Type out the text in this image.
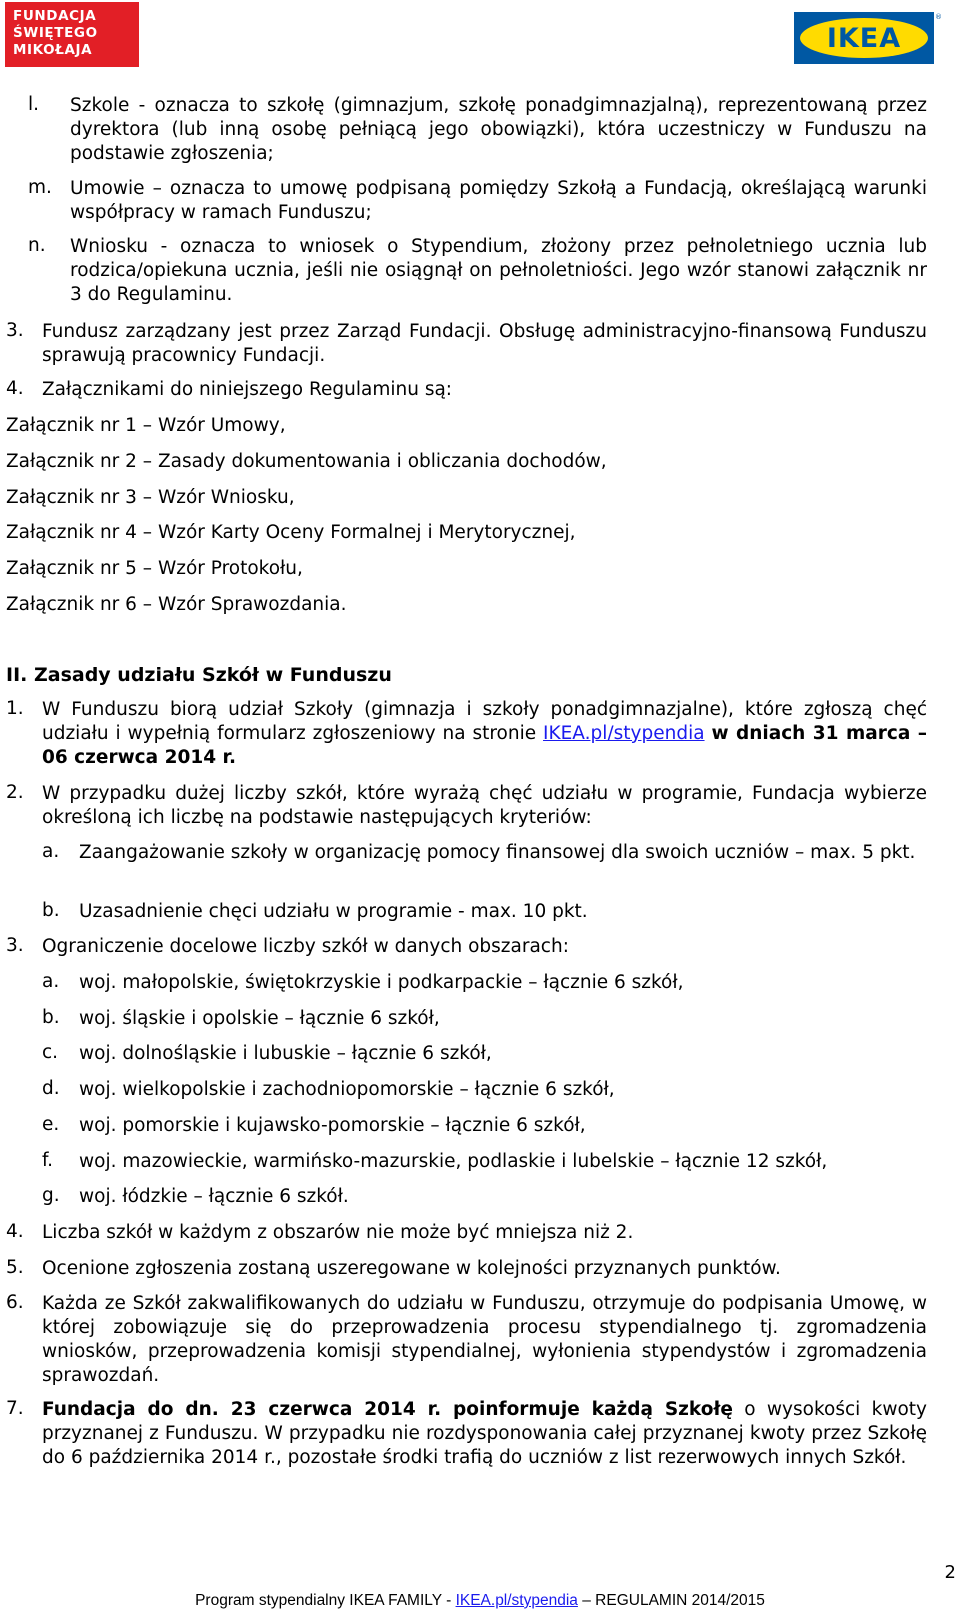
FUNDACJA
ŚWIĘTEGO
MIKOŁAJA	IKEA
®
l. Szkole - oznacza to szkołę (gimnazjum, szkołę ponadgimnazjalną), reprezentowaną przez dyrektora (lub inną osobę pełniącą jego obowiązki), która uczestniczy w Funduszu na podstawie zgłoszenia;
m. Umowie – oznacza to umowę podpisaną pomiędzy Szkołą a Fundacją, określającą warunki współpracy w ramach Funduszu;
n. Wniosku - oznacza to wniosek o Stypendium, złożony przez pełnoletniego ucznia lub rodzica/opiekuna ucznia, jeśli nie osiągnął on pełnoletniości. Jego wzór stanowi załącznik nr 3 do Regulaminu.
3. Fundusz zarządzany jest przez Zarząd Fundacji. Obsługę administracyjno-finansową Funduszu sprawują pracownicy Fundacji.
4. Załącznikami do niniejszego Regulaminu są:
Załącznik nr 1 – Wzór Umowy,
Załącznik nr 2 – Zasady dokumentowania i obliczania dochodów,
Załącznik nr 3 – Wzór Wniosku,
Załącznik nr 4 – Wzór Karty Oceny Formalnej i Merytorycznej,
Załącznik nr 5 – Wzór Protokołu,
Załącznik nr 6 – Wzór Sprawozdania.
II. Zasady udziału Szkół w Funduszu
1. W Funduszu biorą udział Szkoły (gimnazja i szkoły ponadgimnazjalne), które zgłoszą chęć udziału i wypełnią formularz zgłoszeniowy na stronie IKEA.pl/stypendia w dniach 31 marca – 06 czerwca 2014 r.
2. W przypadku dużej liczby szkół, które wyrażą chęć udziału w programie, Fundacja wybierze określoną ich liczbę na podstawie następujących kryteriów:
a. Zaangażowanie szkoły w organizację pomocy finansowej dla swoich uczniów – max. 5 pkt.
b. Uzasadnienie chęci udziału w programie - max. 10 pkt.
3. Ograniczenie docelowe liczby szkół w danych obszarach:
a. woj. małopolskie, świętokrzyskie i podkarpackie – łącznie 6 szkół,
b. woj. śląskie i opolskie – łącznie 6 szkół,
c. woj. dolnośląskie i lubuskie – łącznie 6 szkół,
d. woj. wielkopolskie i zachodniopomorskie – łącznie 6 szkół,
e. woj. pomorskie i kujawsko-pomorskie – łącznie 6 szkół,
f. woj. mazowieckie, warmińsko-mazurskie, podlaskie i lubelskie – łącznie 12 szkół,
g. woj. łódzkie – łącznie 6 szkół.
4. Liczba szkół w każdym z obszarów nie może być mniejsza niż 2.
5. Ocenione zgłoszenia zostaną uszeregowane w kolejności przyznanych punktów.
6. Każda ze Szkół zakwalifikowanych do udziału w Funduszu, otrzymuje do podpisania Umowę, w której zobowiązuje się do przeprowadzenia procesu stypendialnego tj. zgromadzenia wniosków, przeprowadzenia komisji stypendialnej, wyłonienia stypendystów i zgromadzenia sprawozdań.
7. Fundacja do dn. 23 czerwca 2014 r. poinformuje każdą Szkołę o wysokości kwoty przyznanej z Funduszu. W przypadku nie rozdysponowania całej przyznanej kwoty przez Szkołę do 6 października 2014 r., pozostałe środki trafią do uczniów z list rezerwowych innych Szkół.
2
Program stypendialny IKEA FAMILY - IKEA.pl/stypendia – REGULAMIN 2014/2015
